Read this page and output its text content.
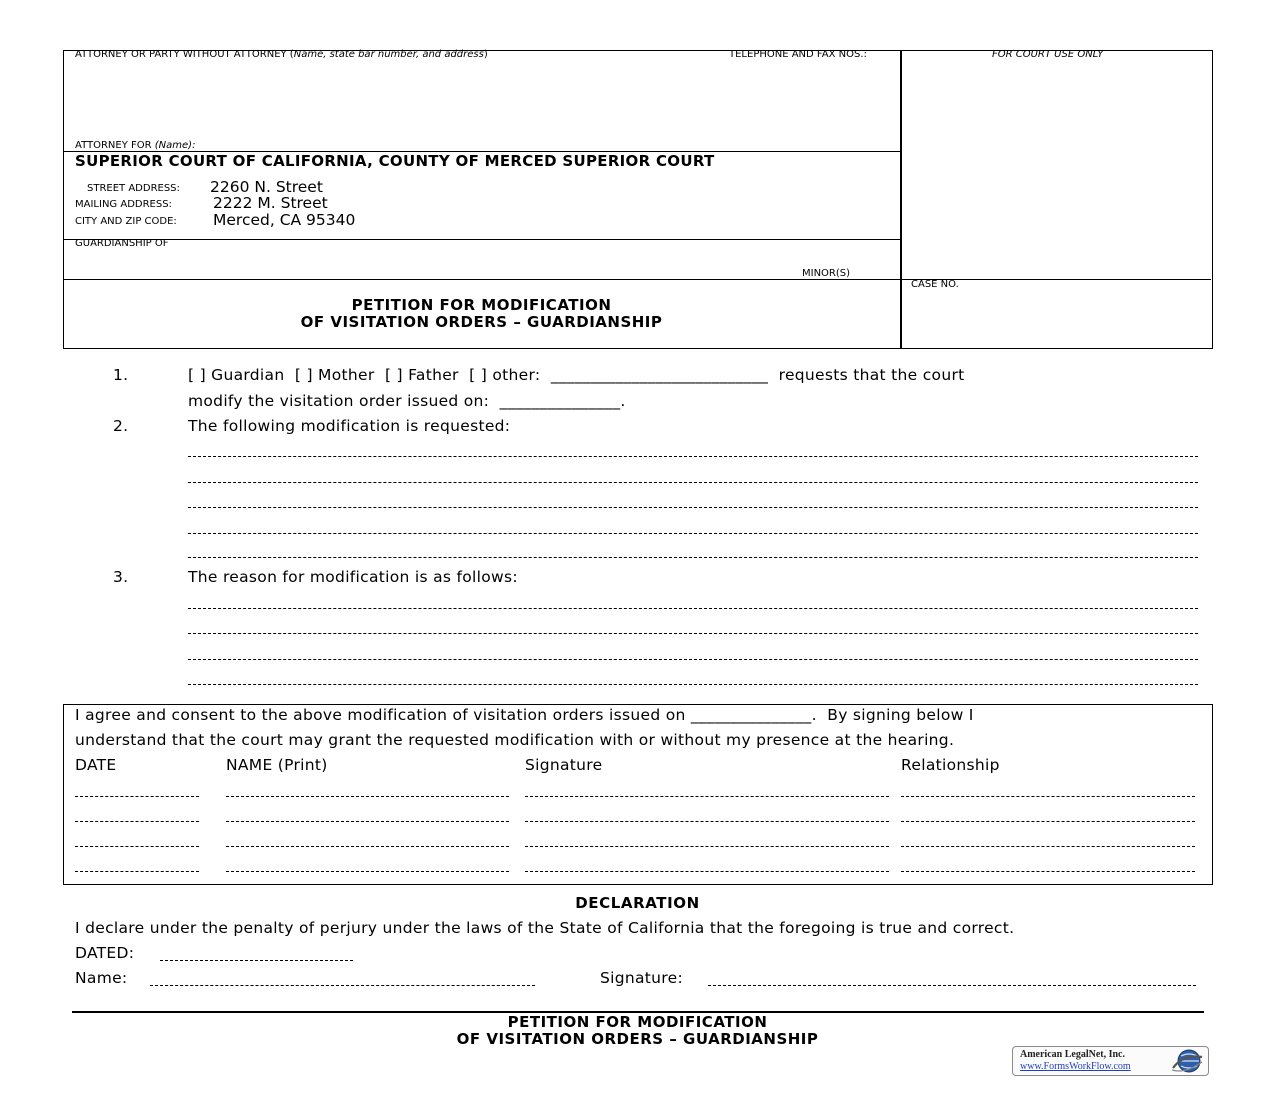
ATTORNEY OR PARTY WITHOUT ATTORNEY (Name, state bar number, and address)	TELEPHONE AND FAX NOS.:	FOR COURT USE ONLY
ATTORNEY FOR (Name):
SUPERIOR COURT OF CALIFORNIA, COUNTY OF MERCED SUPERIOR COURT
STREET ADDRESS: 2260 N. Street
MAILING ADDRESS:	2222 M. Street
CITY AND ZIP CODE: Merced, CA 95340
GUARDIANSHIP OF
MINOR(S)
CASE NO.
PETITION FOR MODIFICATION
OF VISITATION ORDERS – GUARDIANSHIP
1.	[ ] Guardian  [ ] Mother  [ ] Father  [ ] other:  ___________________________  requests that the court
modify the visitation order issued on:  _______________.
2.	The following modification is requested:
3.	The reason for modification is as follows:
I agree and consent to the above modification of visitation orders issued on _______________.  By signing below I
understand that the court may grant the requested modification with or without my presence at the hearing.
DATE	NAME (Print)	Signature	Relationship
DECLARATION
I declare under the penalty of perjury under the laws of the State of California that the foregoing is true and correct.
DATED:
Name:	Signature:
PETITION FOR MODIFICATION
OF VISITATION ORDERS – GUARDIANSHIP
American LegalNet, Inc.
www.FormsWorkFlow.com
